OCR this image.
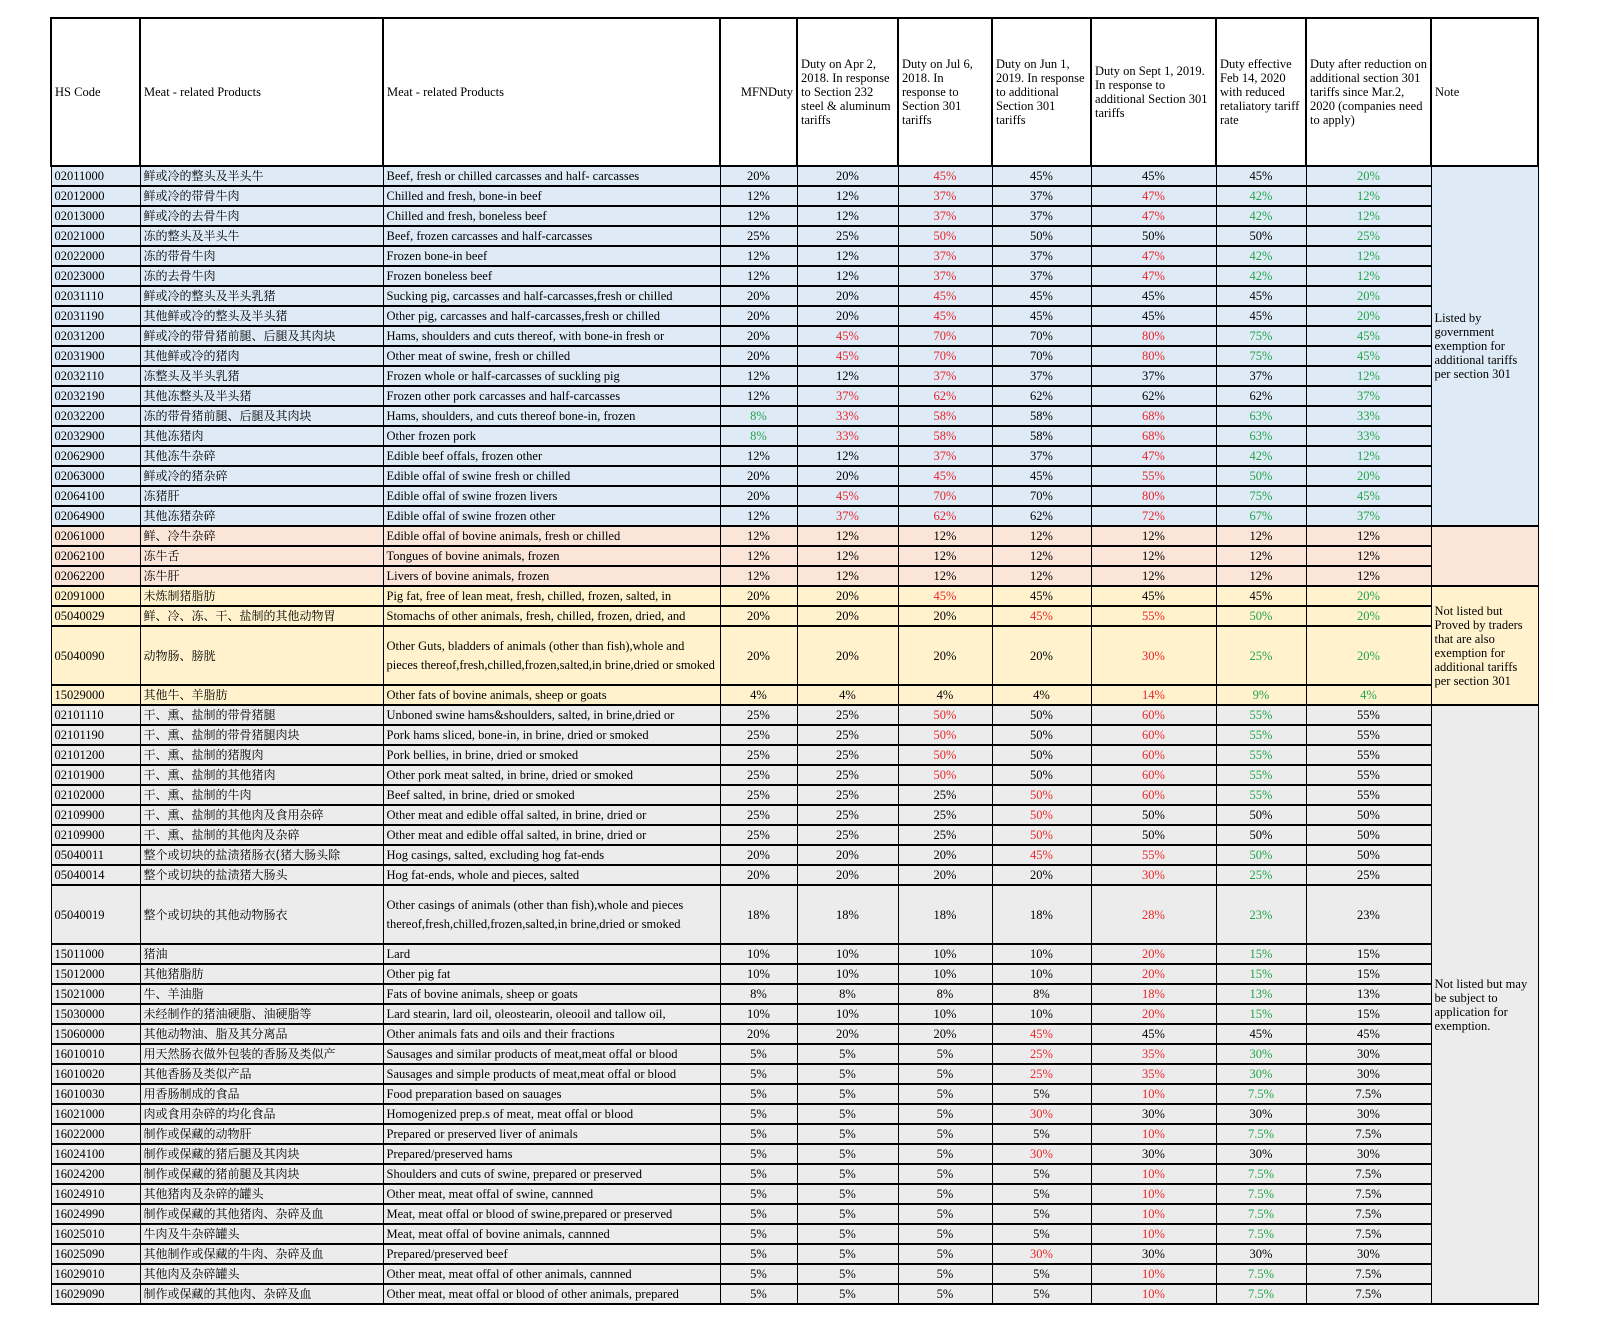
HS Code	Meat - related Products	Meat - related Products	MFNDuty	Duty on Apr 2, 2018. In response to Section 232 steel & aluminum tariffs	Duty on Jul 6, 2018. In response to Section 301 tariffs	Duty on Jun 1, 2019. In response to additional Section 301 tariffs	Duty on Sept 1, 2019. In response to additional Section 301 tariffs	Duty effective Feb 14, 2020 with reduced retaliatory tariff rate	Duty after reduction on additional section 301 tariffs since Mar.2, 2020 (companies need to apply)	Note
02011000	鲜或冷的整头及半头牛	Beef, fresh or chilled carcasses and half- carcasses	20%	20%	45%	45%	45%	45%	20%	Listed by government exemption for additional tariffs per section 301
02012000	鲜或冷的带骨牛肉	Chilled and fresh, bone-in beef	12%	12%	37%	37%	47%	42%	12%	
02013000	鲜或冷的去骨牛肉	Chilled and fresh, boneless beef	12%	12%	37%	37%	47%	42%	12%	
02021000	冻的整头及半头牛	Beef, frozen carcasses and half-carcasses	25%	25%	50%	50%	50%	50%	25%	
02022000	冻的带骨牛肉	Frozen bone-in beef	12%	12%	37%	37%	47%	42%	12%	
02023000	冻的去骨牛肉	Frozen boneless beef	12%	12%	37%	37%	47%	42%	12%	
02031110	鲜或冷的整头及半头乳猪	Sucking pig, carcasses and half-carcasses,fresh or chilled	20%	20%	45%	45%	45%	45%	20%	
02031190	其他鲜或冷的整头及半头猪	Other pig, carcasses and half-carcasses,fresh or chilled	20%	20%	45%	45%	45%	45%	20%	
02031200	鲜或冷的带骨猪前腿、后腿及其肉块	Hams, shoulders and cuts thereof, with bone-in fresh or	20%	45%	70%	70%	80%	75%	45%	
02031900	其他鲜或冷的猪肉	Other meat of swine, fresh or chilled	20%	45%	70%	70%	80%	75%	45%	
02032110	冻整头及半头乳猪	Frozen whole or half-carcasses of suckling pig	12%	12%	37%	37%	37%	37%	12%	
02032190	其他冻整头及半头猪	Frozen other pork carcasses and half-carcasses	12%	37%	62%	62%	62%	62%	37%	
02032200	冻的带骨猪前腿、后腿及其肉块	Hams, shoulders, and cuts thereof bone-in, frozen	8%	33%	58%	58%	68%	63%	33%	
02032900	其他冻猪肉	Other frozen pork	8%	33%	58%	58%	68%	63%	33%	
02062900	其他冻牛杂碎	Edible beef offals, frozen other	12%	12%	37%	37%	47%	42%	12%	
02063000	鲜或冷的猪杂碎	Edible offal of swine fresh or chilled	20%	20%	45%	45%	55%	50%	20%	
02064100	冻猪肝	Edible offal of swine frozen livers	20%	45%	70%	70%	80%	75%	45%	
02064900	其他冻猪杂碎	Edible offal of swine frozen other	12%	37%	62%	62%	72%	67%	37%	
02061000	鲜、冷牛杂碎	Edible offal of bovine animals, fresh or chilled	12%	12%	12%	12%	12%	12%	12%	
02062100	冻牛舌	Tongues of bovine animals, frozen	12%	12%	12%	12%	12%	12%	12%	
02062200	冻牛肝	Livers of bovine animals, frozen	12%	12%	12%	12%	12%	12%	12%	
02091000	未炼制猪脂肪	Pig fat, free of lean meat, fresh, chilled, frozen, salted, in	20%	20%	45%	45%	45%	45%	20%	Not listed but Proved by traders that are also exemption for additional tariffs per section 301
05040029	鲜、冷、冻、干、盐制的其他动物胃	Stomachs of other animals, fresh, chilled, frozen, dried, and	20%	20%	20%	45%	55%	50%	20%	
05040090	动物肠、膀胱	Other Guts, bladders of animals (other than fish),whole and pieces thereof,fresh,chilled,frozen,salted,in brine,dried or smoked	20%	20%	20%	20%	30%	25%	20%	
15029000	其他牛、羊脂肪	Other fats of bovine animals, sheep or goats	4%	4%	4%	4%	14%	9%	4%	
02101110	干、熏、盐制的带骨猪腿	Unboned swine hams&shoulders, salted, in brine,dried or	25%	25%	50%	50%	60%	55%	55%	Not listed but may be subject to application for exemption.
02101190	干、熏、盐制的带骨猪腿肉块	Pork hams sliced, bone-in, in brine, dried or smoked	25%	25%	50%	50%	60%	55%	55%	
02101200	干、熏、盐制的猪腹肉	Pork bellies, in brine, dried or smoked	25%	25%	50%	50%	60%	55%	55%	
02101900	干、熏、盐制的其他猪肉	Other pork meat salted, in brine, dried or smoked	25%	25%	50%	50%	60%	55%	55%	
02102000	干、熏、盐制的牛肉	Beef salted, in brine, dried or smoked	25%	25%	25%	50%	60%	55%	55%	
02109900	干、熏、盐制的其他肉及食用杂碎	Other meat and edible offal salted, in brine, dried or	25%	25%	25%	50%	50%	50%	50%	
02109900	干、熏、盐制的其他肉及杂碎	Other meat and edible offal salted, in brine, dried or	25%	25%	25%	50%	50%	50%	50%	
05040011	整个或切块的盐渍猪肠衣(猪大肠头除	Hog casings, salted, excluding hog fat-ends	20%	20%	20%	45%	55%	50%	50%	
05040014	整个或切块的盐渍猪大肠头	Hog fat-ends, whole and pieces, salted	20%	20%	20%	20%	30%	25%	25%	
05040019	整个或切块的其他动物肠衣	Other casings of animals (other than fish),whole and pieces thereof,fresh,chilled,frozen,salted,in brine,dried or smoked	18%	18%	18%	18%	28%	23%	23%	
15011000	猪油	Lard	10%	10%	10%	10%	20%	15%	15%	
15012000	其他猪脂肪	Other pig fat	10%	10%	10%	10%	20%	15%	15%	
15021000	牛、羊油脂	Fats of bovine animals, sheep or goats	8%	8%	8%	8%	18%	13%	13%	
15030000	未经制作的猪油硬脂、油硬脂等	Lard stearin, lard oil, oleostearin, oleooil and tallow oil,	10%	10%	10%	10%	20%	15%	15%	
15060000	其他动物油、脂及其分离品	Other animals fats and oils and their fractions	20%	20%	20%	45%	45%	45%	45%	
16010010	用天然肠衣做外包装的香肠及类似产	Sausages and similar products of meat,meat offal or blood	5%	5%	5%	25%	35%	30%	30%	
16010020	其他香肠及类似产品	Sausages and simple products of meat,meat offal or blood	5%	5%	5%	25%	35%	30%	30%	
16010030	用香肠制成的食品	Food preparation based on sauages	5%	5%	5%	5%	10%	7.5%	7.5%	
16021000	肉或食用杂碎的均化食品	Homogenized prep.s of meat, meat offal or blood	5%	5%	5%	30%	30%	30%	30%	
16022000	制作或保藏的动物肝	Prepared or preserved liver of animals	5%	5%	5%	5%	10%	7.5%	7.5%	
16024100	制作或保藏的猪后腿及其肉块	Prepared/preserved hams	5%	5%	5%	30%	30%	30%	30%	
16024200	制作或保藏的猪前腿及其肉块	Shoulders and cuts of swine, prepared or preserved	5%	5%	5%	5%	10%	7.5%	7.5%	
16024910	其他猪肉及杂碎的罐头	Other meat, meat offal of swine, cannned	5%	5%	5%	5%	10%	7.5%	7.5%	
16024990	制作或保藏的其他猪肉、杂碎及血	Meat, meat offal or blood of swine,prepared or preserved	5%	5%	5%	5%	10%	7.5%	7.5%	
16025010	牛肉及牛杂碎罐头	Meat, meat offal of bovine animals, cannned	5%	5%	5%	5%	10%	7.5%	7.5%	
16025090	其他制作或保藏的牛肉、杂碎及血	Prepared/preserved beef	5%	5%	5%	30%	30%	30%	30%	
16029010	其他肉及杂碎罐头	Other meat, meat offal of other animals, cannned	5%	5%	5%	5%	10%	7.5%	7.5%	
16029090	制作或保藏的其他肉、杂碎及血	Other meat, meat offal or blood of other animals, prepared	5%	5%	5%	5%	10%	7.5%	7.5%	
